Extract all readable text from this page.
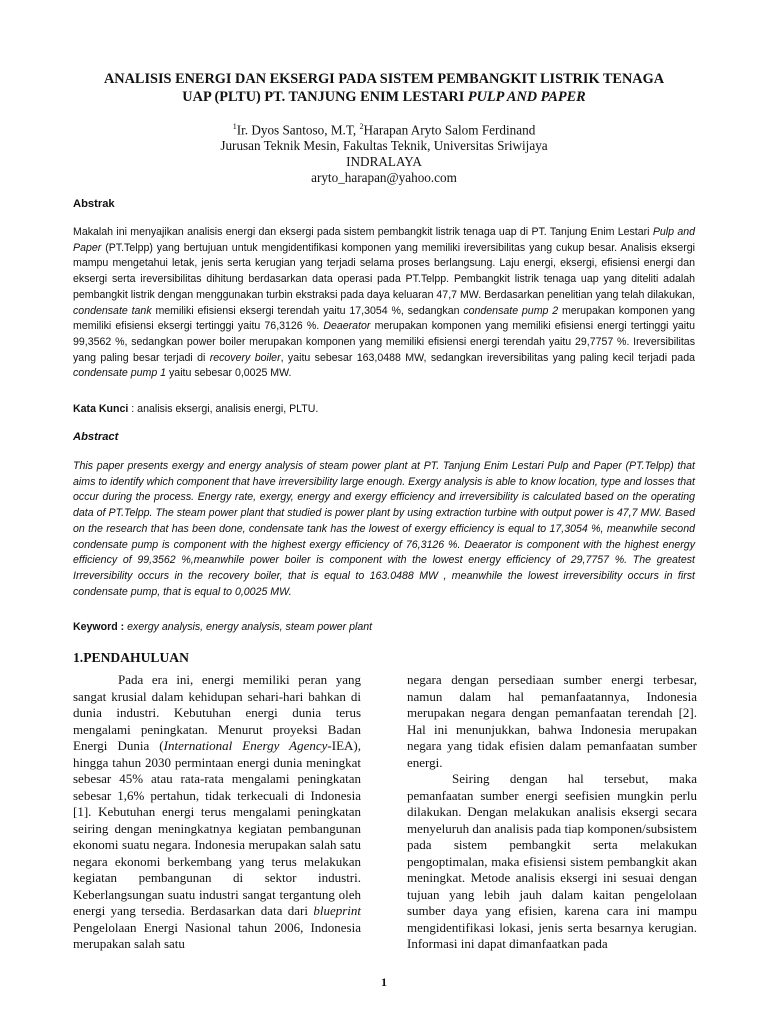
ANALISIS ENERGI DAN EKSERGI PADA SISTEM PEMBANGKIT LISTRIK TENAGA
UAP (PLTU) PT. TANJUNG ENIM LESTARI PULP AND PAPER
$^1$Ir. Dyos Santoso, M.T, $^2$Harapan Aryto Salom Ferdinand
Jurusan Teknik Mesin, Fakultas Teknik, Universitas Sriwijaya
INDRALAYA
aryto_harapan@yahoo.com
Abstrak

Makalah ini menyajikan analisis energi dan eksergi pada sistem pembangkit listrik tenaga uap di PT. Tanjung Enim Lestari Pulp and Paper (PT.Telpp) yang bertujuan untuk mengidentifikasi komponen yang memiliki ireversibilitas yang cukup besar. Analisis eksergi mampu mengetahui letak, jenis serta kerugian yang terjadi selama proses berlangsung. Laju energi, eksergi, efisiensi energi dan eksergi serta ireversibilitas dihitung berdasarkan data operasi pada PT.Telpp. Pembangkit listrik tenaga uap yang diteliti adalah pembangkit listrik dengan menggunakan turbin ekstraksi pada daya keluaran 47,7 MW. Berdasarkan penelitian yang telah dilakukan, condensate tank memiliki efisiensi eksergi terendah yaitu 17,3054 %, sedangkan condensate pump 2 merupakan komponen yang memiliki efisiensi eksergi tertinggi yaitu 76,3126 %. Deaerator merupakan komponen yang memiliki efisiensi energi tertinggi yaitu 99,3562 %, sedangkan power boiler merupakan komponen yang memiliki efisiensi energi terendah yaitu 29,7757 %. Ireversibilitas yang paling besar terjadi di recovery boiler, yaitu sebesar 163,0488 MW, sedangkan ireversibilitas yang paling kecil terjadi pada condensate pump 1 yaitu sebesar 0,0025 MW.

Kata Kunci : analisis eksergi, analisis energi, PLTU.

Abstract

This paper presents exergy and energy analysis of steam power plant at PT. Tanjung Enim Lestari Pulp and Paper (PT.Telpp) that aims to identify which component that have irreversibility large enough. Exergy analysis is able to know location, type and losses that occur during the process. Energy rate, exergy, energy and exergy efficiency and irreversibility is calculated based on the operating data of PT.Telpp. The steam power plant that studied is power plant by using extraction turbine with output power is 47,7 MW. Based on the research that has been done, condensate tank has the lowest of exergy efficiency is equal to 17,3054 %, meanwhile second condensate pump is component with the highest exergy efficiency of 76,3126 %. Deaerator is component with the highest energy efficiency of 99,3562 %,meanwhile power boiler is component with the lowest energy efficiency of 29,7757 %. The greatest Irreversibility occurs in the recovery boiler, that is equal to 163.0488 MW , meanwhile the lowest irreversibility occurs in first condensate pump, that is equal to 0,0025 MW.

Keyword : exergy analysis, energy analysis, steam power plant

1.PENDAHULUAN

Pada era ini, energi memiliki peran yang sangat krusial dalam kehidupan sehari-hari bahkan di dunia industri. Kebutuhan energi dunia terus mengalami peningkatan. Menurut proyeksi Badan Energi Dunia (International Energy Agency-IEA), hingga tahun 2030 permintaan energi dunia meningkat sebesar 45% atau rata-rata mengalami peningkatan sebesar 1,6% pertahun, tidak terkecuali di Indonesia [1]. Kebutuhan energi terus mengalami peningkatan seiring dengan meningkatnya kegiatan pembangunan ekonomi suatu negara. Indonesia merupakan salah satu negara ekonomi berkembang yang terus melakukan kegiatan pembangunan di sektor industri. Keberlangsungan suatu industri sangat tergantung oleh energi yang tersedia. Berdasarkan data dari blueprint Pengelolaan Energi Nasional tahun 2006, Indonesia merupakan salah satu

negara dengan persediaan sumber energi terbesar, namun dalam hal pemanfaatannya, Indonesia merupakan negara dengan pemanfaatan terendah [2]. Hal ini menunjukkan, bahwa Indonesia merupakan negara yang tidak efisien dalam pemanfaatan sumber energi.

Seiring dengan hal tersebut, maka pemanfaatan sumber energi seefisien mungkin perlu dilakukan. Dengan melakukan analisis eksergi secara menyeluruh dan analisis pada tiap komponen/subsistem pada sistem pembangkit serta melakukan pengoptimalan, maka efisiensi sistem pembangkit akan meningkat. Metode analisis eksergi ini sesuai dengan tujuan yang lebih jauh dalam kaitan pengelolaan sumber daya yang efisien, karena cara ini mampu mengidentifikasi lokasi, jenis serta besarnya kerugian. Informasi ini dapat dimanfaatkan pada

1
